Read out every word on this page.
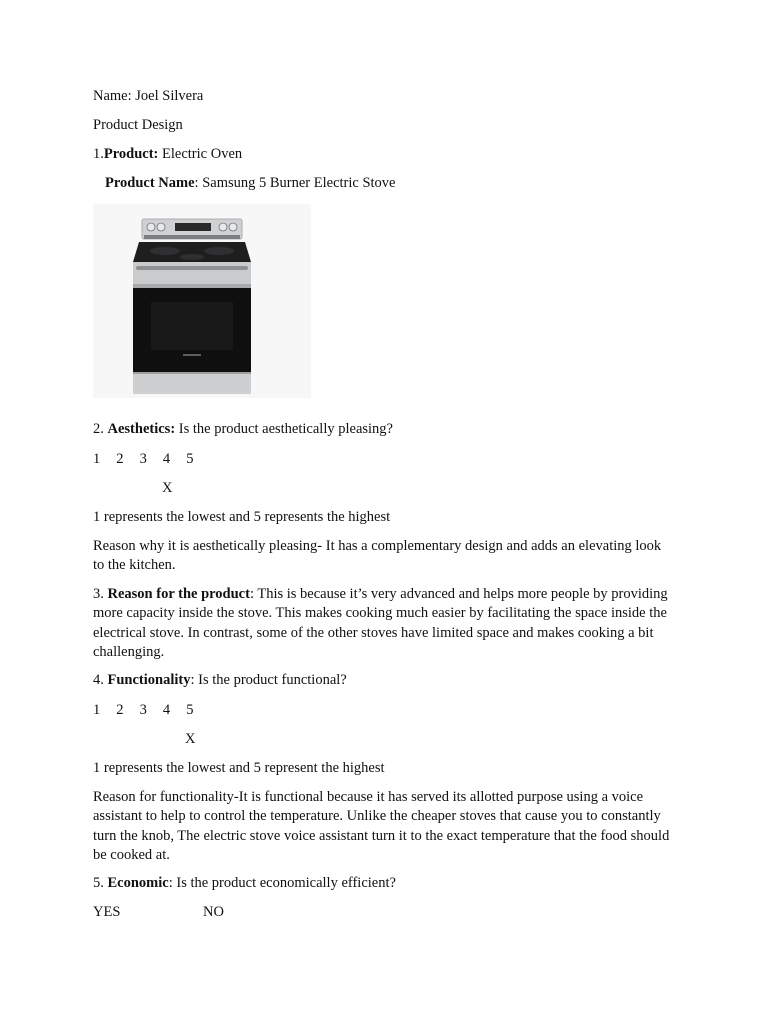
Name: Joel Silvera
Product Design
1.Product: Electric Oven
Product Name: Samsung 5 Burner Electric Stove
2. Aesthetics: Is the product aesthetically pleasing?
1 2 3 4 5
X
1 represents the lowest and 5 represents the highest
Reason why it is aesthetically pleasing- It has a complementary design and adds an elevating look to the kitchen.
3. Reason for the product: This is because it’s very advanced and helps more people by providing more capacity inside the stove. This makes cooking much easier by facilitating the space inside the electrical stove. In contrast, some of the other stoves have limited space and makes cooking a bit challenging.
4. Functionality: Is the product functional?
1 2 3 4 5
X
1 represents the lowest and 5 represent the highest
Reason for functionality-It is functional because it has served its allotted purpose using a voice assistant to help to control the temperature. Unlike the cheaper stoves that cause you to constantly turn the knob, The electric stove voice assistant turn it to the exact temperature that the food should be cooked at.
5. Economic: Is the product economically efficient?
YES	NO
